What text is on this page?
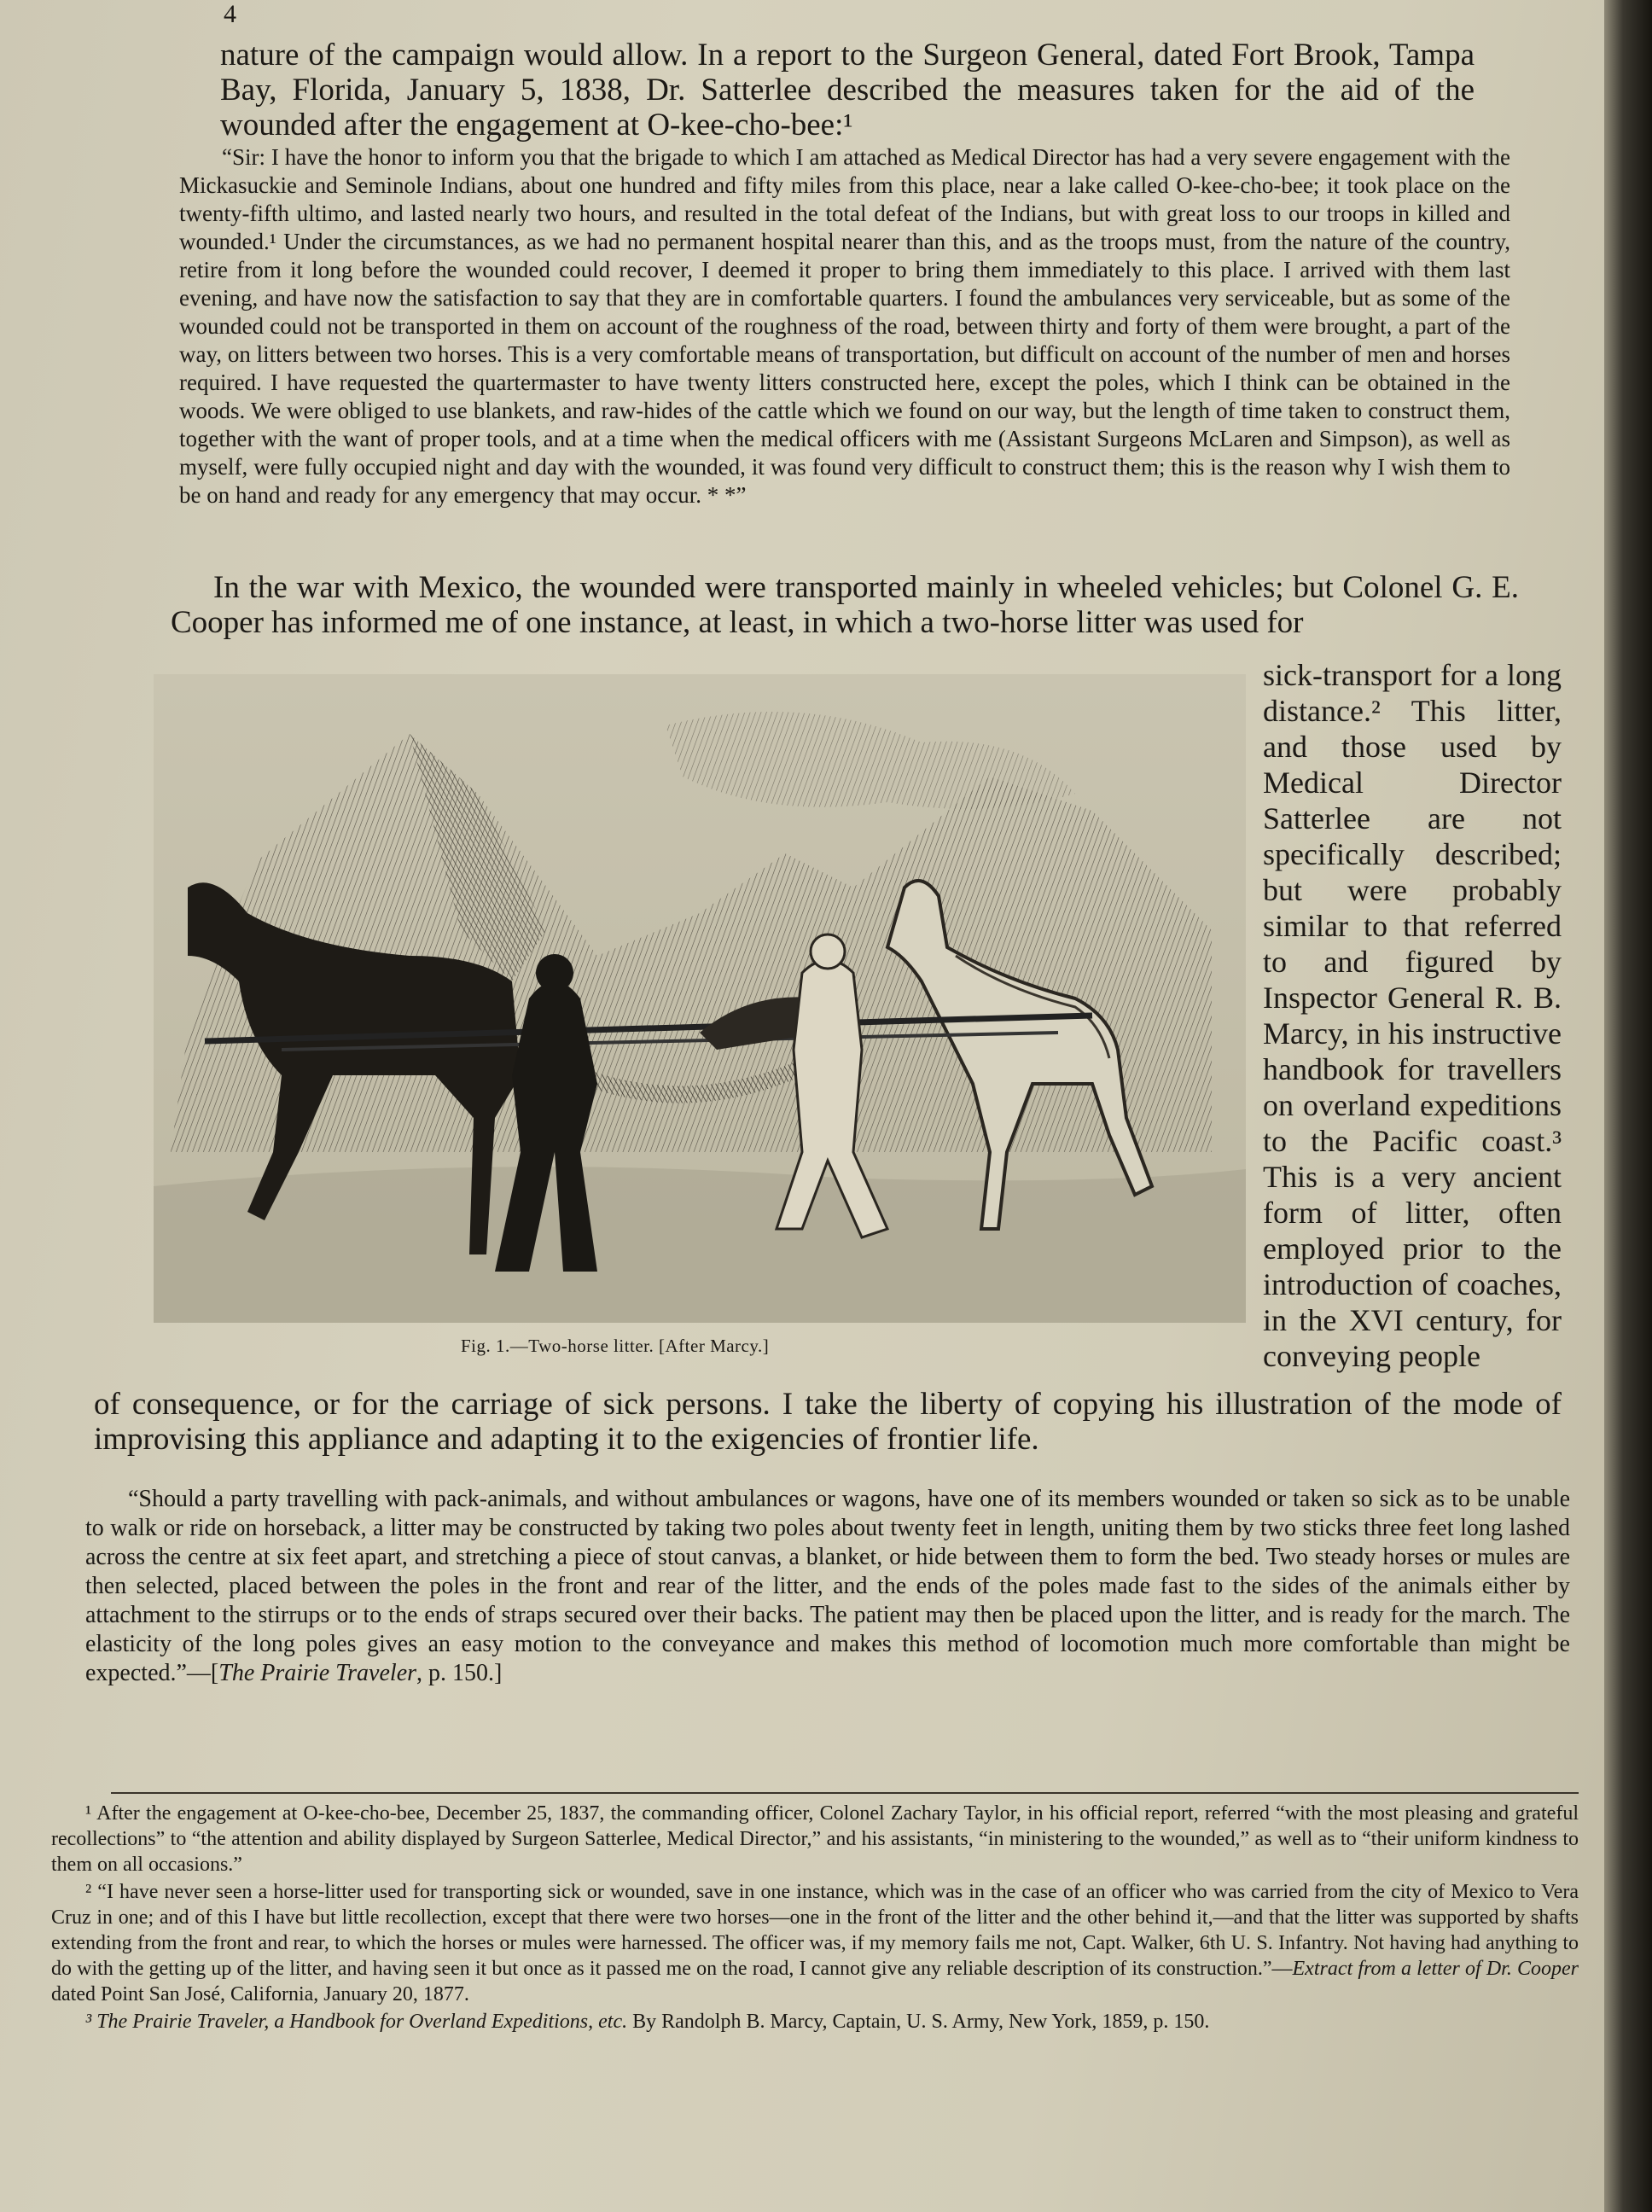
4

nature of the campaign would allow. In a report to the Surgeon General, dated Fort Brook, Tampa Bay, Florida, January 5, 1838, Dr. Satterlee described the measures taken for the aid of the wounded after the engagement at O-kee-cho-bee:¹

“Sir: I have the honor to inform you that the brigade to which I am attached as Medical Director has had a very severe engagement with the Mickasuckie and Seminole Indians, about one hundred and fifty miles from this place, near a lake called O-kee-cho-bee; it took place on the twenty-fifth ultimo, and lasted nearly two hours, and resulted in the total defeat of the Indians, but with great loss to our troops in killed and wounded.¹ Under the circumstances, as we had no permanent hospital nearer than this, and as the troops must, from the nature of the country, retire from it long before the wounded could recover, I deemed it proper to bring them immediately to this place. I arrived with them last evening, and have now the satisfaction to say that they are in comfortable quarters. I found the ambulances very serviceable, but as some of the wounded could not be transported in them on account of the roughness of the road, between thirty and forty of them were brought, a part of the way, on litters between two horses. This is a very comfortable means of transportation, but difficult on account of the number of men and horses required. I have requested the quartermaster to have twenty litters constructed here, except the poles, which I think can be obtained in the woods. We were obliged to use blankets, and raw-hides of the cattle which we found on our way, but the length of time taken to construct them, together with the want of proper tools, and at a time when the medical officers with me (Assistant Surgeons McLaren and Simpson), as well as myself, were fully occupied night and day with the wounded, it was found very difficult to construct them; this is the reason why I wish them to be on hand and ready for any emergency that may occur. * *”

In the war with Mexico, the wounded were transported mainly in wheeled vehicles; but Colonel G. E. Cooper has informed me of one instance, at least, in which a two-horse litter was used for

Fig. 1.—Two-horse litter. [After Marcy.]
sick-transport for a long distance.² This litter, and those used by Medical Director Satterlee are not specifically described; but were probably similar to that referred to and figured by Inspector General R. B. Marcy, in his instructive handbook for travellers on overland expeditions to the Pacific coast.³ This is a very ancient form of litter, often employed prior to the introduction of coaches, in the XVI century, for conveying people

of consequence, or for the carriage of sick persons. I take the liberty of copying his illustration of the mode of improvising this appliance and adapting it to the exigencies of frontier life.

“Should a party travelling with pack-animals, and without ambulances or wagons, have one of its members wounded or taken so sick as to be unable to walk or ride on horseback, a litter may be constructed by taking two poles about twenty feet in length, uniting them by two sticks three feet long lashed across the centre at six feet apart, and stretching a piece of stout canvas, a blanket, or hide between them to form the bed. Two steady horses or mules are then selected, placed between the poles in the front and rear of the litter, and the ends of the poles made fast to the sides of the animals either by attachment to the stirrups or to the ends of straps secured over their backs. The patient may then be placed upon the litter, and is ready for the march. The elasticity of the long poles gives an easy motion to the conveyance and makes this method of locomotion much more comfortable than might be expected.”—[The Prairie Traveler, p. 150.]

¹ After the engagement at O-kee-cho-bee, December 25, 1837, the commanding officer, Colonel Zachary Taylor, in his official report, referred “with the most pleasing and grateful recollections” to “the attention and ability displayed by Surgeon Satterlee, Medical Director,” and his assistants, “in ministering to the wounded,” as well as to “their uniform kindness to them on all occasions.”

² “I have never seen a horse-litter used for transporting sick or wounded, save in one instance, which was in the case of an officer who was carried from the city of Mexico to Vera Cruz in one; and of this I have but little recollection, except that there were two horses—one in the front of the litter and the other behind it,—and that the litter was supported by shafts extending from the front and rear, to which the horses or mules were harnessed. The officer was, if my memory fails me not, Capt. Walker, 6th U. S. Infantry. Not having had anything to do with the getting up of the litter, and having seen it but once as it passed me on the road, I cannot give any reliable description of its construction.”—Extract from a letter of Dr. Cooper dated Point San José, California, January 20, 1877.

³ The Prairie Traveler, a Handbook for Overland Expeditions, etc. By Randolph B. Marcy, Captain, U. S. Army, New York, 1859, p. 150.
